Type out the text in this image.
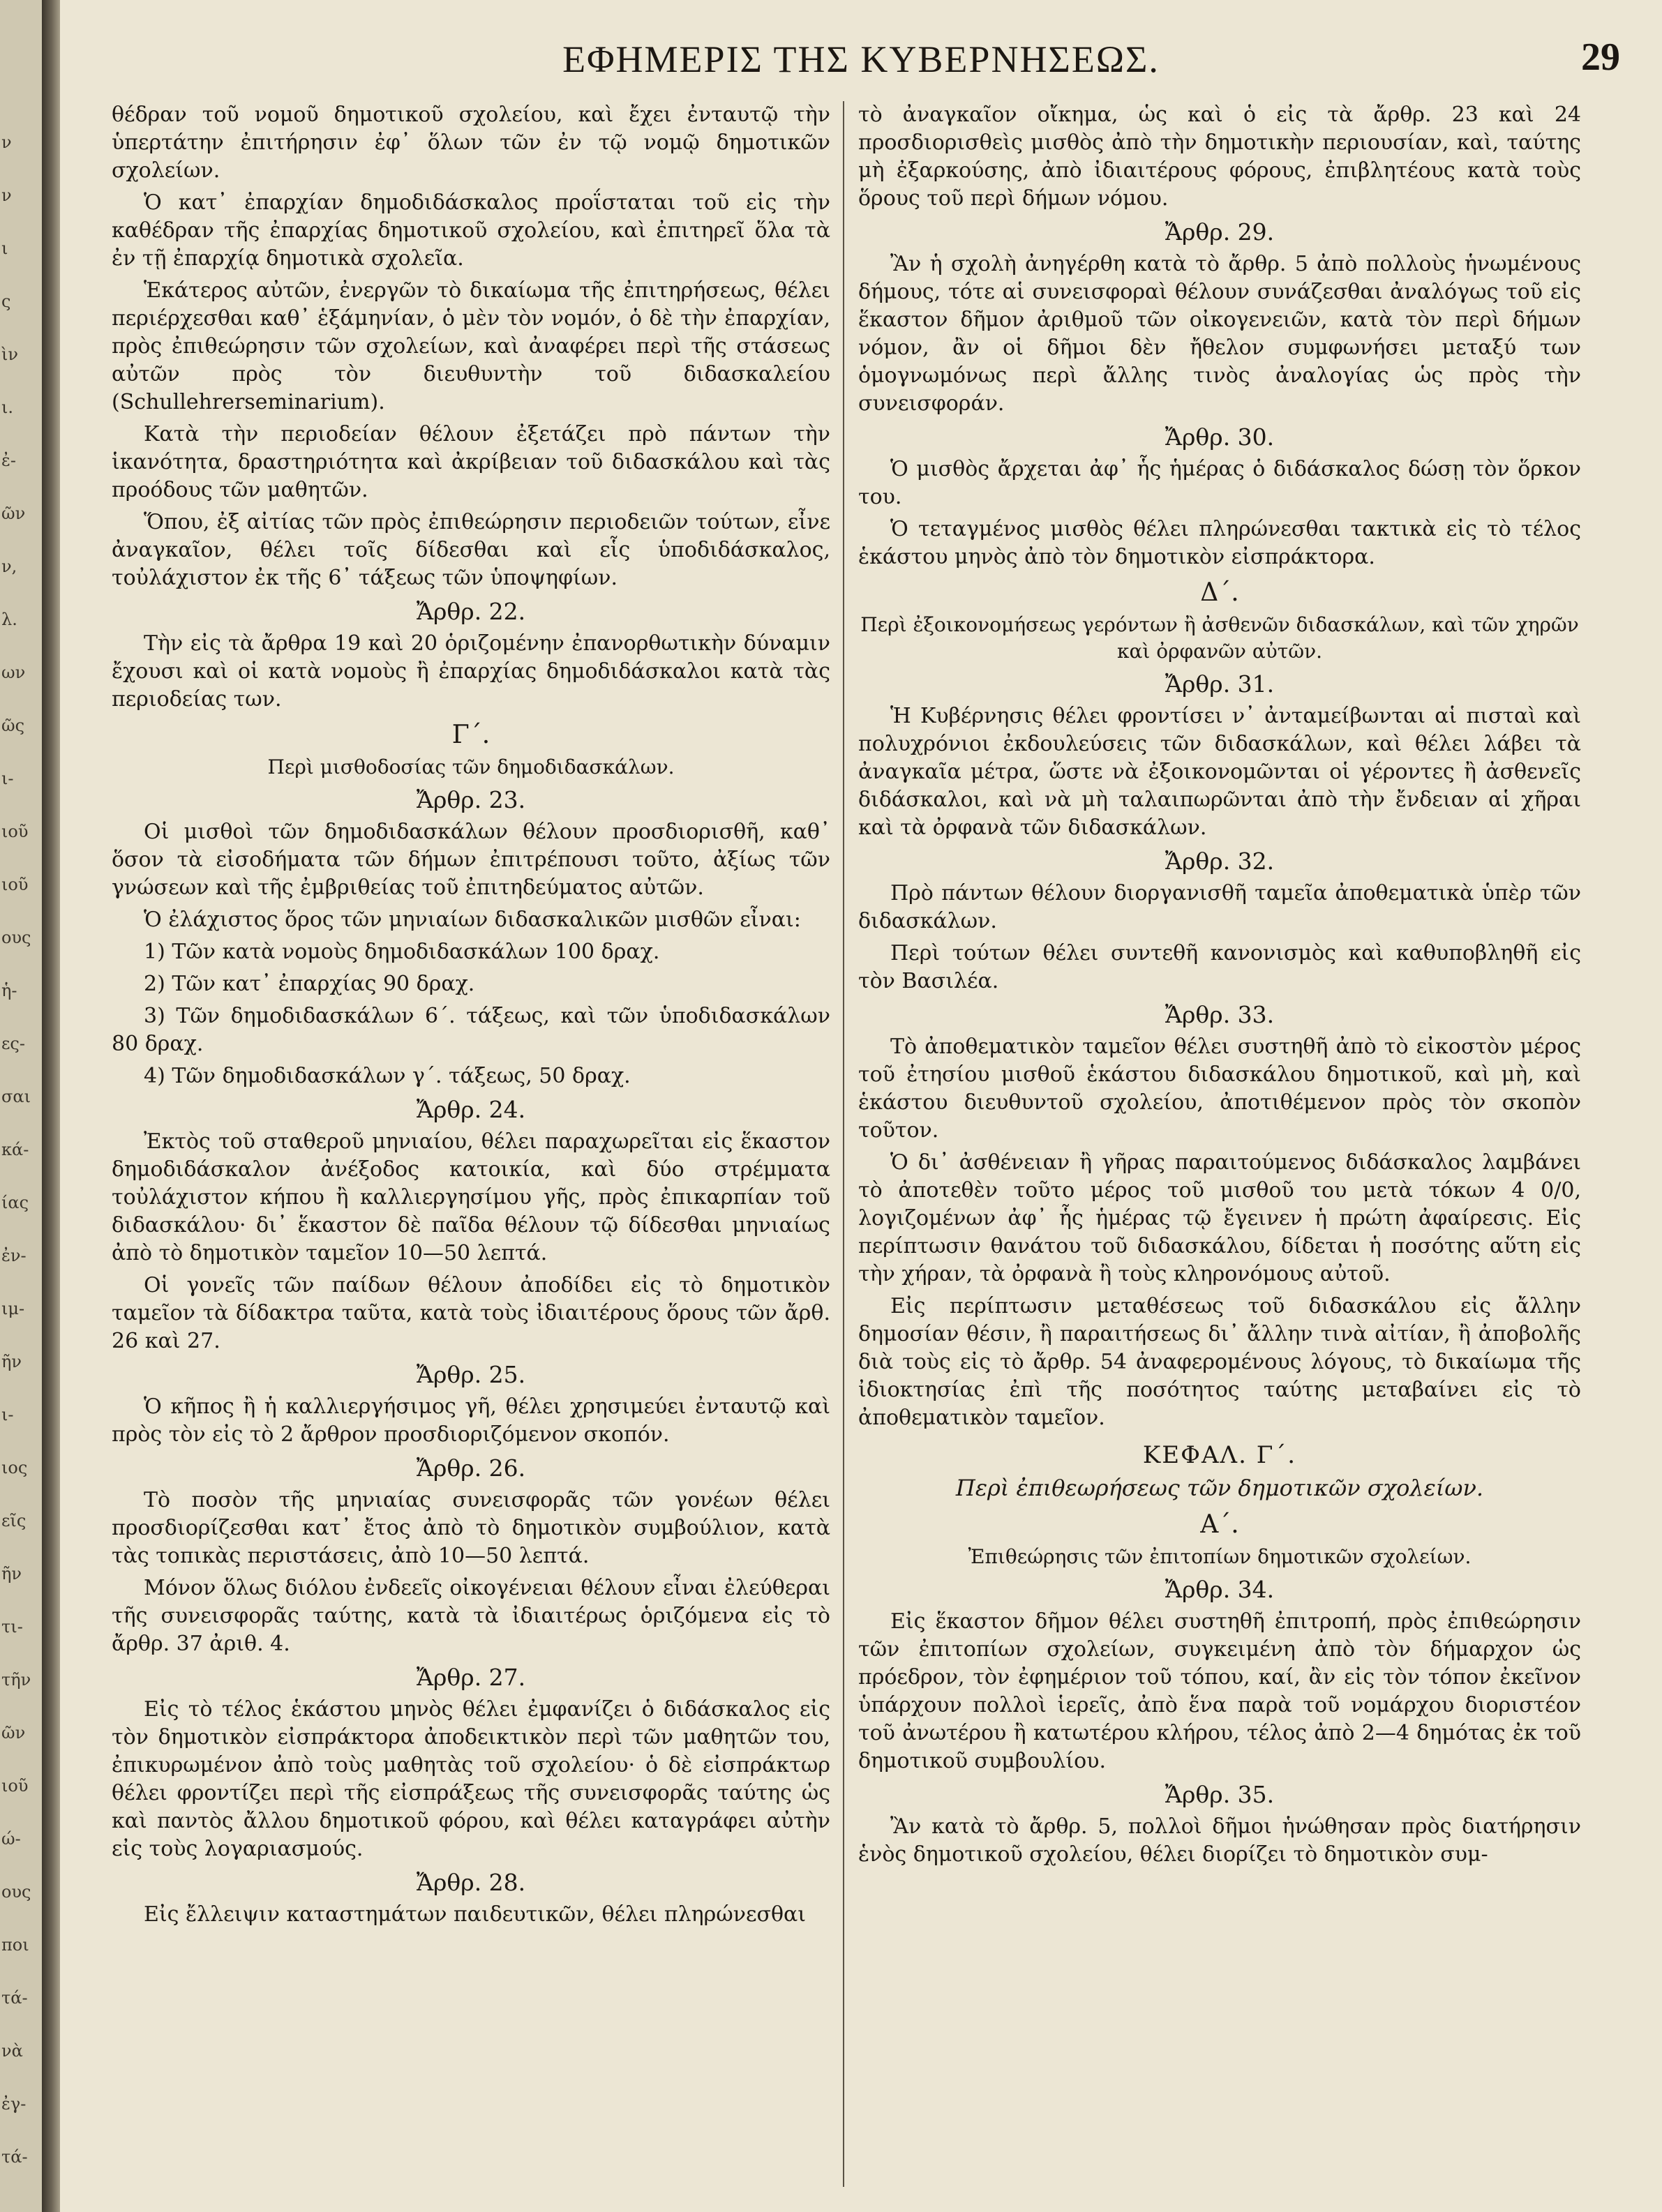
ν
ν
ι
ς
ὶν
ι.
ἐ-
ῶν
ν,
λ.
ων
ῶς
ι-
ιοῦ
ιοῦ
ους
ἡ-
ες-
σαι
κά-
ίας
ἐν-
ιμ-
ῆν
ι-
ιος
εῖς
ῆν
τι-
τῆν
ῶν
ιοῦ
ώ-
ους
ποι
τά-
νὰ
ἐγ-
τά-
ΕΦΗΜΕΡΙΣ ΤΗΣ ΚΥΒΕΡΝΗΣΕΩΣ.	29

θέδραν τοῦ νομοῦ δημοτικοῦ σχολείου, καὶ ἔχει ἐνταυτῷ τὴν ὑπερτάτην ἐπιτήρησιν ἐφ᾽ ὅλων τῶν ἐν τῷ νομῷ δημοτικῶν σχολείων.

Ὁ κατ᾽ ἐπαρχίαν δημοδιδάσκαλος προΐσταται τοῦ εἰς τὴν καθέδραν τῆς ἐπαρχίας δημοτικοῦ σχολείου, καὶ ἐπιτηρεῖ ὅλα τὰ ἐν τῇ ἐπαρχίᾳ δημοτικὰ σχολεῖα.

Ἑκάτερος αὐτῶν, ἐνεργῶν τὸ δικαίωμα τῆς ἐπιτηρήσεως, θέλει περιέρχεσθαι καθ᾽ ἑξάμηνίαν, ὁ μὲν τὸν νομόν, ὁ δὲ τὴν ἐπαρχίαν, πρὸς ἐπιθεώρησιν τῶν σχολείων, καὶ ἀναφέρει περὶ τῆς στάσεως αὐτῶν πρὸς τὸν διευθυντὴν τοῦ διδασκαλείου (Schullehrerseminarium).

Κατὰ τὴν περιοδείαν θέλουν ἐξετάζει πρὸ πάντων τὴν ἱκανότητα, δραστηριότητα καὶ ἀκρίβειαν τοῦ διδασκάλου καὶ τὰς προόδους τῶν μαθητῶν.

Ὅπου, ἐξ αἰτίας τῶν πρὸς ἐπιθεώρησιν περιοδειῶν τούτων, εἶνε ἀναγκαῖον, θέλει τοῖς δίδεσθαι καὶ εἷς ὑποδιδάσκαλος, τοὐλάχιστον ἐκ τῆς 6᾽ τάξεως τῶν ὑποψηφίων.

Ἄρθρ. 22.

Τὴν εἰς τὰ ἄρθρα 19 καὶ 20 ὁριζομένην ἐπανορθωτικὴν δύναμιν ἔχουσι καὶ οἱ κατὰ νομοὺς ἢ ἐπαρχίας δημοδιδάσκαλοι κατὰ τὰς περιοδείας των.

Γ΄.
Περὶ μισθοδοσίας τῶν δημοδιδασκάλων.
Ἄρθρ. 23.

Οἱ μισθοὶ τῶν δημοδιδασκάλων θέλουν προσδιορισθῆ, καθ᾽ ὅσον τὰ εἰσοδήματα τῶν δήμων ἐπιτρέπουσι τοῦτο, ἀξίως τῶν γνώσεων καὶ τῆς ἐμβριθείας τοῦ ἐπιτηδεύματος αὐτῶν.

Ὁ ἐλάχιστος ὅρος τῶν μηνιαίων διδασκαλικῶν μισθῶν εἶναι:

1) Τῶν κατὰ νομοὺς δημοδιδασκάλων 100 δραχ.

2) Τῶν κατ᾽ ἐπαρχίας 90 δραχ.

3) Τῶν δημοδιδασκάλων 6΄. τάξεως, καὶ τῶν ὑποδιδασκάλων 80 δραχ.

4) Τῶν δημοδιδασκάλων γ΄. τάξεως, 50 δραχ.

Ἄρθρ. 24.

Ἐκτὸς τοῦ σταθεροῦ μηνιαίου, θέλει παραχωρεῖται εἰς ἕκαστον δημοδιδάσκαλον ἀνέξοδος κατοικία, καὶ δύο στρέμματα τοὐλάχιστον κήπου ἢ καλλιεργησίμου γῆς, πρὸς ἐπικαρπίαν τοῦ διδασκάλου· δι᾽ ἕκαστον δὲ παῖδα θέλουν τῷ δίδεσθαι μηνιαίως ἀπὸ τὸ δημοτικὸν ταμεῖον 10—50 λεπτά.

Οἱ γονεῖς τῶν παίδων θέλουν ἀποδίδει εἰς τὸ δημοτικὸν ταμεῖον τὰ δίδακτρα ταῦτα, κατὰ τοὺς ἰδιαιτέρους ὅρους τῶν ἄρθ. 26 καὶ 27.

Ἄρθρ. 25.

Ὁ κῆπος ἢ ἡ καλλιεργήσιμος γῆ, θέλει χρησιμεύει ἐνταυτῷ καὶ πρὸς τὸν εἰς τὸ 2 ἄρθρον προσδιοριζόμενον σκοπόν.

Ἄρθρ. 26.

Τὸ ποσὸν τῆς μηνιαίας συνεισφορᾶς τῶν γονέων θέλει προσδιορίζεσθαι κατ᾽ ἔτος ἀπὸ τὸ δημοτικὸν συμβούλιον, κατὰ τὰς τοπικὰς περιστάσεις, ἀπὸ 10—50 λεπτά.

Μόνον ὅλως διόλου ἐνδεεῖς οἰκογένειαι θέλουν εἶναι ἐλεύθεραι τῆς συνεισφορᾶς ταύτης, κατὰ τὰ ἰδιαιτέρως ὁριζόμενα εἰς τὸ ἄρθρ. 37 ἀριθ. 4.

Ἄρθρ. 27.

Εἰς τὸ τέλος ἑκάστου μηνὸς θέλει ἐμφανίζει ὁ διδάσκαλος εἰς τὸν δημοτικὸν εἰσπράκτορα ἀποδεικτικὸν περὶ τῶν μαθητῶν του, ἐπικυρωμένον ἀπὸ τοὺς μαθητὰς τοῦ σχολείου· ὁ δὲ εἰσπράκτωρ θέλει φροντίζει περὶ τῆς εἰσπράξεως τῆς συνεισφορᾶς ταύτης ὡς καὶ παντὸς ἄλλου δημοτικοῦ φόρου, καὶ θέλει καταγράφει αὐτὴν εἰς τοὺς λογαριασμούς.

Ἄρθρ. 28.

Εἰς ἔλλειψιν καταστημάτων παιδευτικῶν, θέλει πληρώνεσθαι

τὸ ἀναγκαῖον οἴκημα, ὡς καὶ ὁ εἰς τὰ ἄρθρ. 23 καὶ 24 προσδιορισθεὶς μισθὸς ἀπὸ τὴν δημοτικὴν περιουσίαν, καὶ, ταύτης μὴ ἐξαρκούσης, ἀπὸ ἰδιαιτέρους φόρους, ἐπιβλητέους κατὰ τοὺς ὅρους τοῦ περὶ δήμων νόμου.

Ἄρθρ. 29.

Ἂν ἡ σχολὴ ἀνηγέρθη κατὰ τὸ ἄρθρ. 5 ἀπὸ πολλοὺς ἡνωμένους δήμους, τότε αἱ συνεισφοραὶ θέλουν συνάζεσθαι ἀναλόγως τοῦ εἰς ἕκαστον δῆμον ἀριθμοῦ τῶν οἰκογενειῶν, κατὰ τὸν περὶ δήμων νόμον, ἂν οἱ δῆμοι δὲν ἤθελον συμφωνήσει μεταξύ των ὁμογνωμόνως περὶ ἄλλης τινὸς ἀναλογίας ὡς πρὸς τὴν συνεισφοράν.

Ἄρθρ. 30.

Ὁ μισθὸς ἄρχεται ἀφ᾽ ἧς ἡμέρας ὁ διδάσκαλος δώσῃ τὸν ὅρκον του.

Ὁ τεταγμένος μισθὸς θέλει πληρώνεσθαι τακτικὰ εἰς τὸ τέλος ἑκάστου μηνὸς ἀπὸ τὸν δημοτικὸν εἰσπράκτορα.

Δ΄.
Περὶ ἐξοικονομήσεως γερόντων ἢ ἀσθενῶν διδασκάλων, καὶ τῶν χηρῶν καὶ ὀρφανῶν αὐτῶν.
Ἄρθρ. 31.

Ἡ Κυβέρνησις θέλει φροντίσει ν᾽ ἀνταμείβωνται αἱ πισταὶ καὶ πολυχρόνιοι ἐκδουλεύσεις τῶν διδασκάλων, καὶ θέλει λάβει τὰ ἀναγκαῖα μέτρα, ὥστε νὰ ἐξοικονομῶνται οἱ γέροντες ἢ ἀσθενεῖς διδάσκαλοι, καὶ νὰ μὴ ταλαιπωρῶνται ἀπὸ τὴν ἔνδειαν αἱ χῆραι καὶ τὰ ὀρφανὰ τῶν διδασκάλων.

Ἄρθρ. 32.

Πρὸ πάντων θέλουν διοργανισθῆ ταμεῖα ἀποθεματικὰ ὑπὲρ τῶν διδασκάλων.

Περὶ τούτων θέλει συντεθῆ κανονισμὸς καὶ καθυποβληθῆ εἰς τὸν Βασιλέα.

Ἄρθρ. 33.

Τὸ ἀποθεματικὸν ταμεῖον θέλει συστηθῆ ἀπὸ τὸ εἰκοστὸν μέρος τοῦ ἐτησίου μισθοῦ ἑκάστου διδασκάλου δημοτικοῦ, καὶ μὴ, καὶ ἑκάστου διευθυντοῦ σχολείου, ἀποτιθέμενον πρὸς τὸν σκοπὸν τοῦτον.

Ὁ δι᾽ ἀσθένειαν ἢ γῆρας παραιτούμενος διδάσκαλος λαμβάνει τὸ ἀποτεθὲν τοῦτο μέρος τοῦ μισθοῦ του μετὰ τόκων 4 0/0, λογιζομένων ἀφ᾽ ἧς ἡμέρας τῷ ἔγεινεν ἡ πρώτη ἀφαίρεσις. Εἰς περίπτωσιν θανάτου τοῦ διδασκάλου, δίδεται ἡ ποσότης αὕτη εἰς τὴν χήραν, τὰ ὀρφανὰ ἢ τοὺς κληρονόμους αὐτοῦ.

Εἰς περίπτωσιν μεταθέσεως τοῦ διδασκάλου εἰς ἄλλην δημοσίαν θέσιν, ἢ παραιτήσεως δι᾽ ἄλλην τινὰ αἰτίαν, ἢ ἀποβολῆς διὰ τοὺς εἰς τὸ ἄρθρ. 54 ἀναφερομένους λόγους, τὸ δικαίωμα τῆς ἰδιοκτησίας ἐπὶ τῆς ποσότητος ταύτης μεταβαίνει εἰς τὸ ἀποθεματικὸν ταμεῖον.

ΚΕΦΑΛ. Γ΄.
Περὶ ἐπιθεωρήσεως τῶν δημοτικῶν σχολείων.
Α΄.
Ἐπιθεώρησις τῶν ἐπιτοπίων δημοτικῶν σχολείων.
Ἄρθρ. 34.

Εἰς ἕκαστον δῆμον θέλει συστηθῆ ἐπιτροπή, πρὸς ἐπιθεώρησιν τῶν ἐπιτοπίων σχολείων, συγκειμένη ἀπὸ τὸν δήμαρχον ὡς πρόεδρον, τὸν ἐφημέριον τοῦ τόπου, καί, ἂν εἰς τὸν τόπον ἐκεῖνον ὑπάρχουν πολλοὶ ἱερεῖς, ἀπὸ ἕνα παρὰ τοῦ νομάρχου διοριστέον τοῦ ἀνωτέρου ἢ κατωτέρου κλήρου, τέλος ἀπὸ 2—4 δημότας ἐκ τοῦ δημοτικοῦ συμβουλίου.

Ἄρθρ. 35.

Ἂν κατὰ τὸ ἄρθρ. 5, πολλοὶ δῆμοι ἡνώθησαν πρὸς διατήρησιν ἑνὸς δημοτικοῦ σχολείου, θέλει διορίζει τὸ δημοτικὸν συμ-
